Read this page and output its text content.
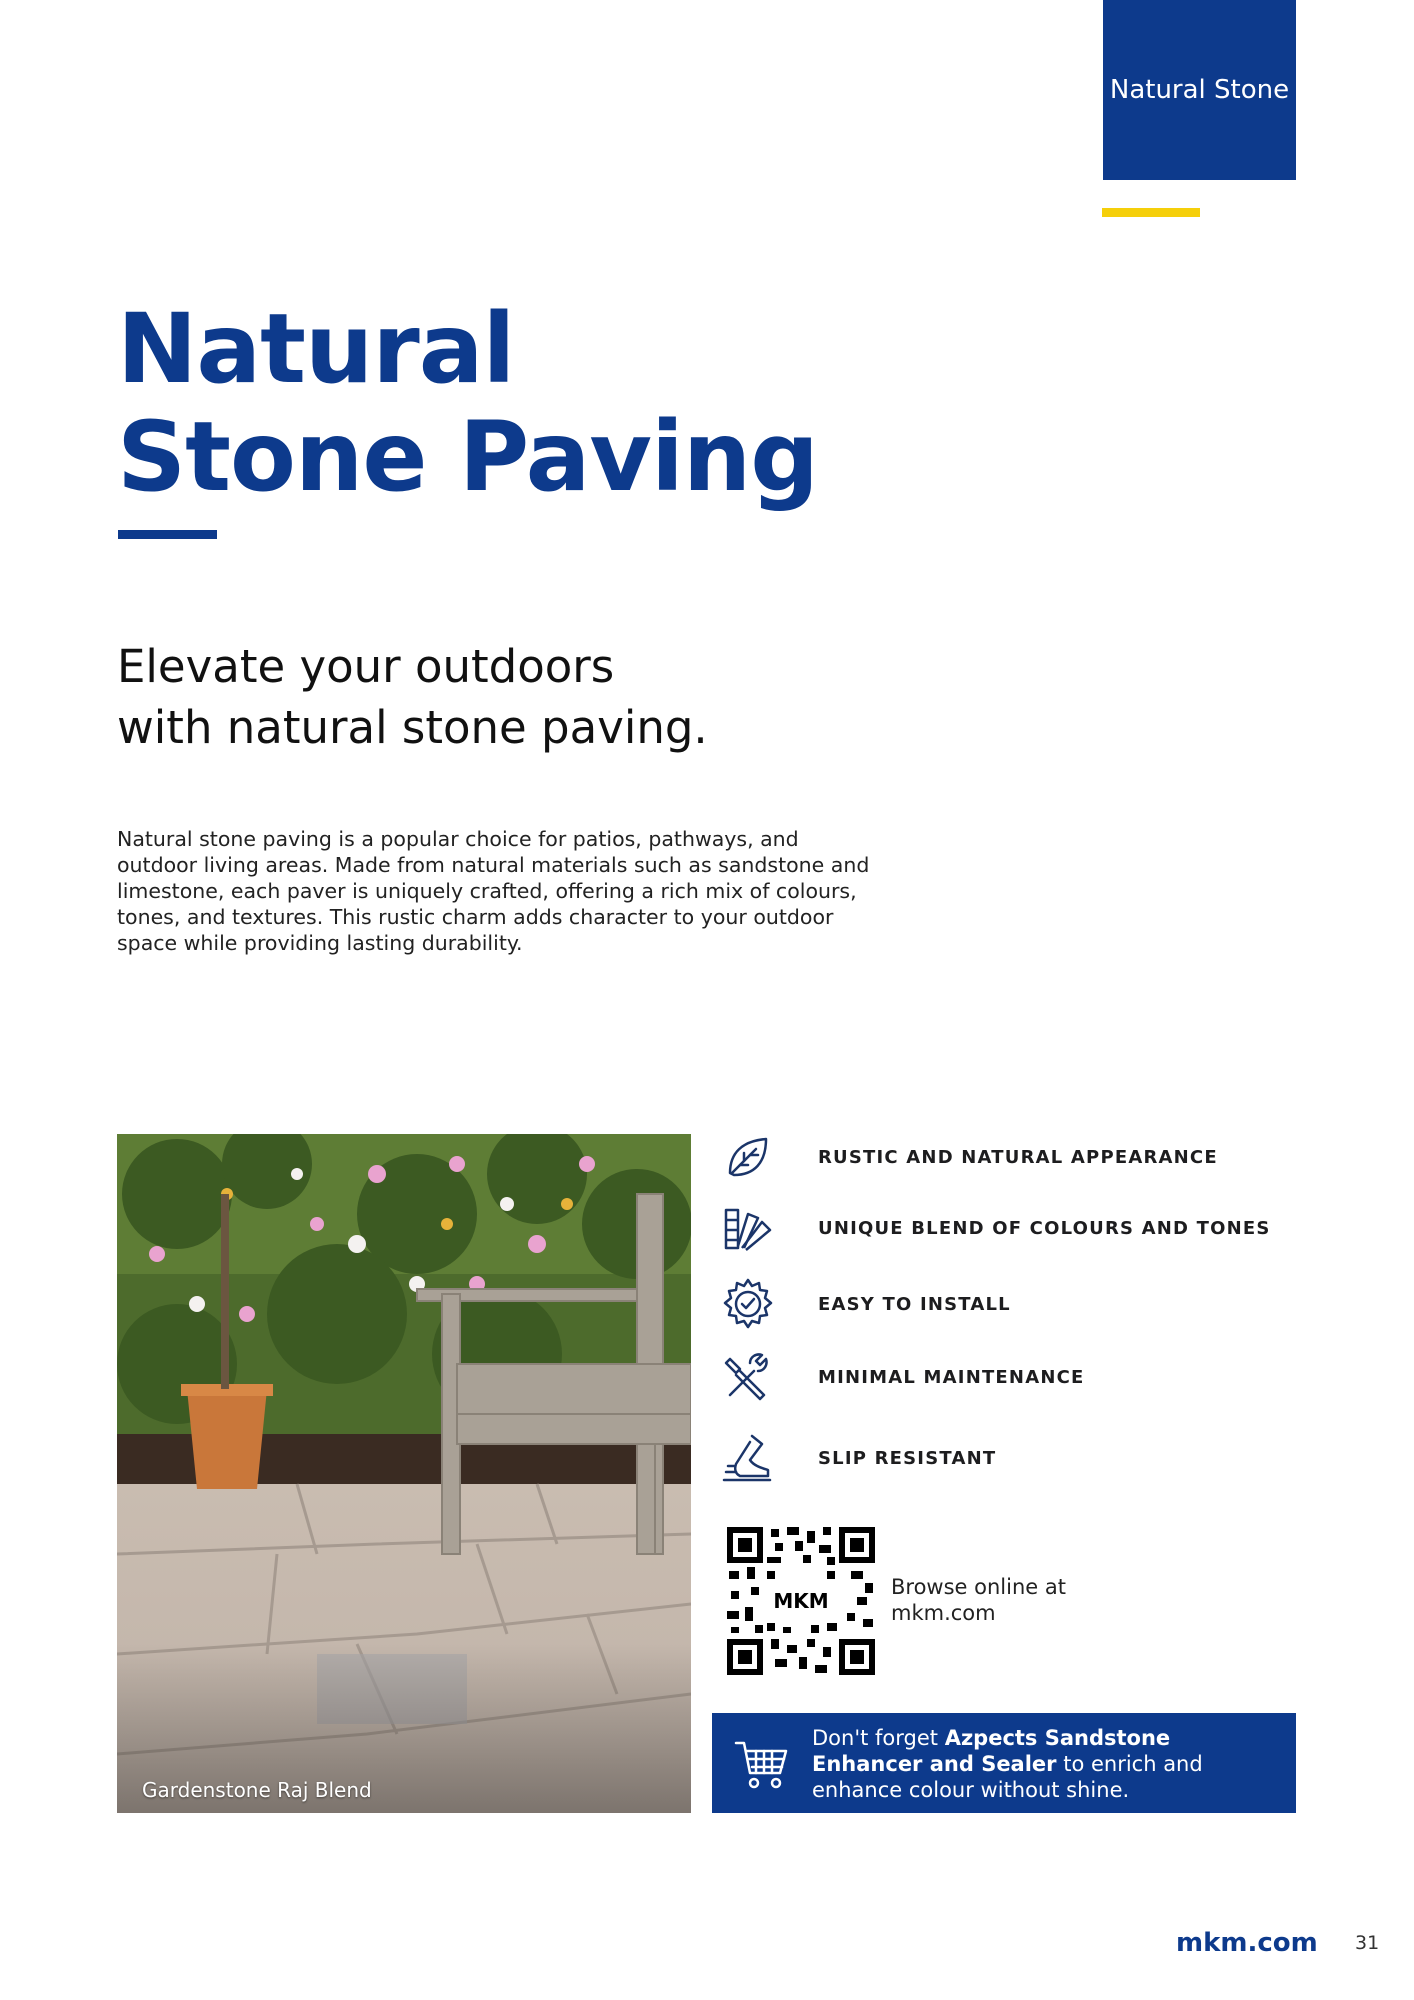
Natural Stone
Natural
Stone Paving
Elevate your outdoors
with natural stone paving.
Natural stone paving is a popular choice for patios, pathways, and
outdoor living areas. Made from natural materials such as sandstone and
limestone, each paver is uniquely crafted, offering a rich mix of colours,
tones, and textures. This rustic charm adds character to your outdoor
space while providing lasting durability.
Gardenstone Raj Blend
RUSTIC AND NATURAL APPEARANCE
UNIQUE BLEND OF COLOURS AND TONES
EASY TO INSTALL
MINIMAL MAINTENANCE
SLIP RESISTANT
MKM
Browse online at
mkm.com
Don't forget Azpects Sandstone Enhancer and Sealer to enrich and enhance colour without shine.
mkm.com 31
